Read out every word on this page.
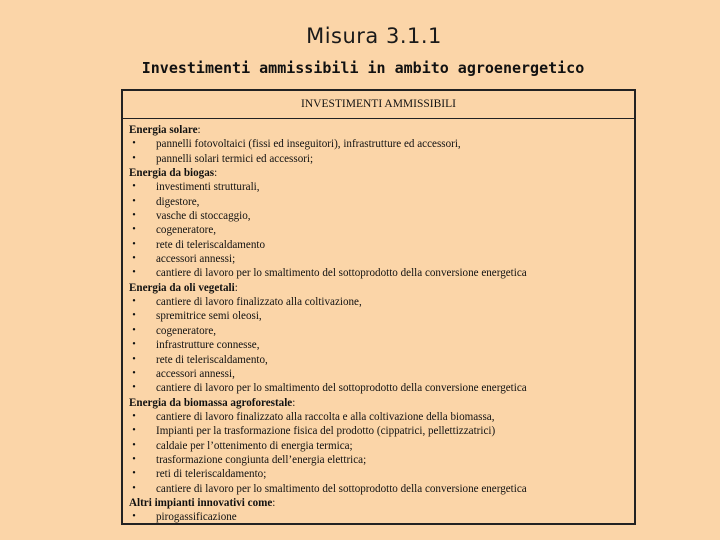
Misura 3.1.1
Investimenti ammissibili in ambito agroenergetico
INVESTIMENTI AMMISSIBILI
Energia solare:
• pannelli fotovoltaici (fissi ed inseguitori), infrastrutture ed accessori,
• pannelli solari termici ed accessori;
Energia da biogas:
• investimenti strutturali,
• digestore,
• vasche di stoccaggio,
• cogeneratore,
• rete di teleriscaldamento
• accessori annessi;
• cantiere di lavoro per lo smaltimento del sottoprodotto della conversione energetica
Energia da oli vegetali:
• cantiere di lavoro finalizzato alla coltivazione,
• spremitrice semi oleosi,
• cogeneratore,
• infrastrutture connesse,
• rete di teleriscaldamento,
• accessori annessi,
• cantiere di lavoro per lo smaltimento del sottoprodotto della conversione energetica
Energia da biomassa agroforestale:
• cantiere di lavoro finalizzato alla raccolta e alla coltivazione della biomassa,
• Impianti per la trasformazione fisica del prodotto (cippatrici, pellettizzatrici)
• caldaie per l’ottenimento di energia termica;
• trasformazione congiunta dell’energia elettrica;
• reti di teleriscaldamento;
• cantiere di lavoro per lo smaltimento del sottoprodotto della conversione energetica
Altri impianti innovativi come:
• pirogassificazione
